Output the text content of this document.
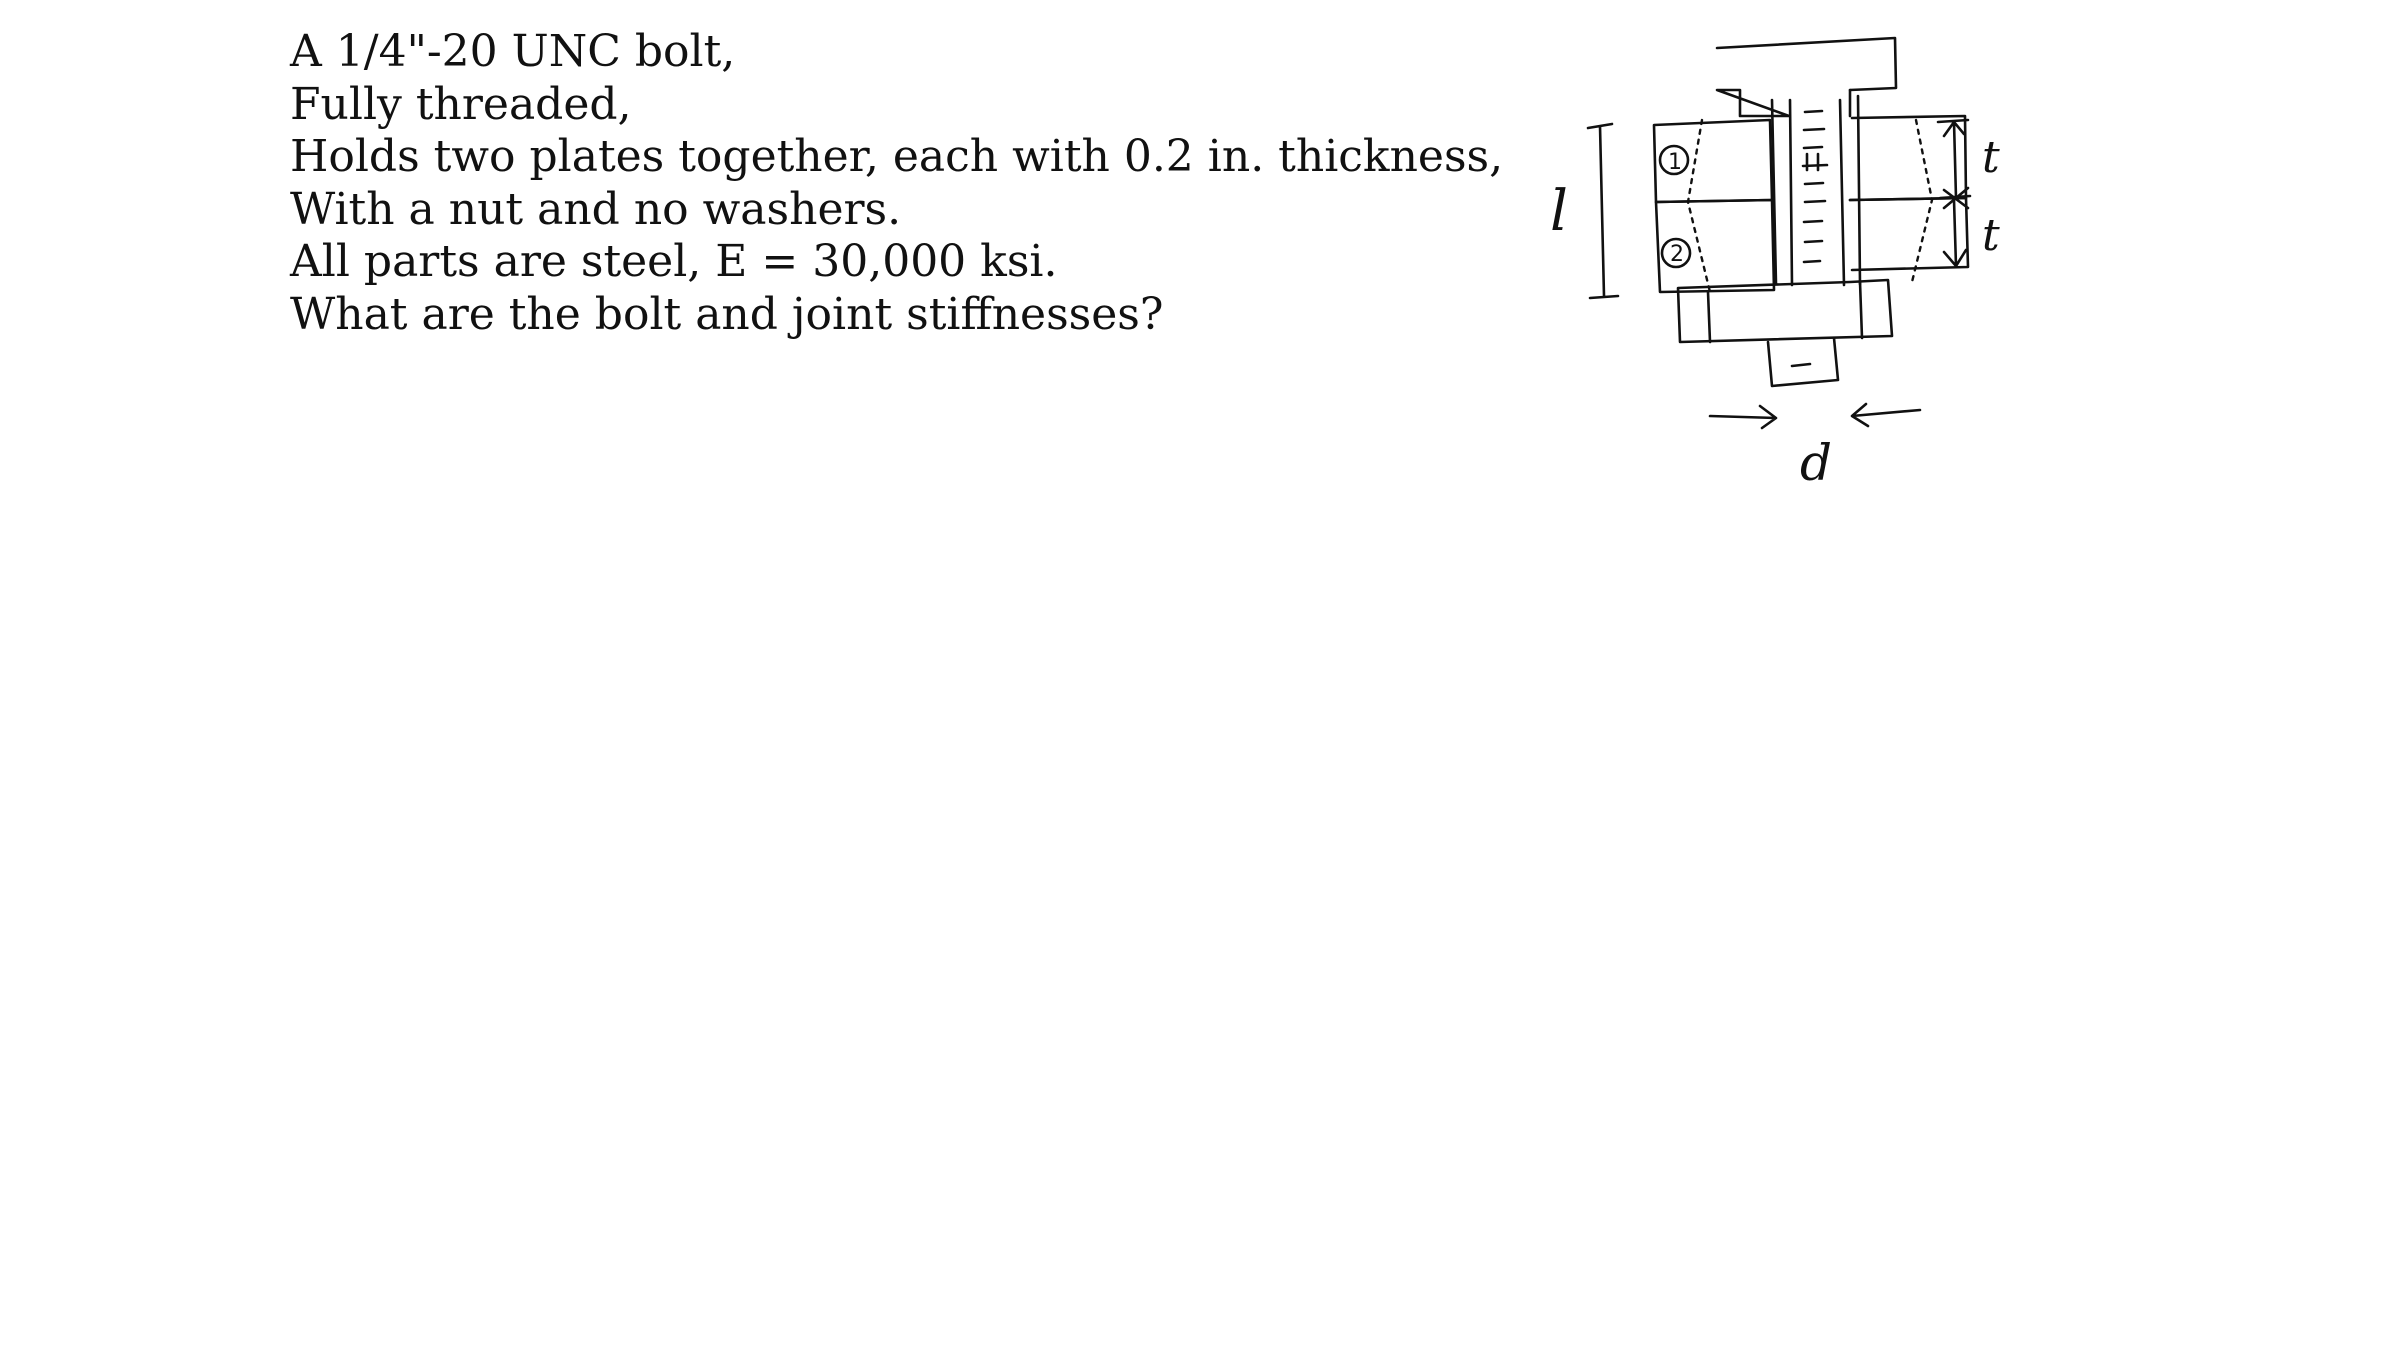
A 1/4"-20 UNC bolt,
Fully threaded,
Holds two plates together, each with 0.2 in. thickness,
With a nut and no washers.
All parts are steel, E = 30,000 ksi.
What are the bolt and joint stiffnesses?
l
t
t
1
2
d
